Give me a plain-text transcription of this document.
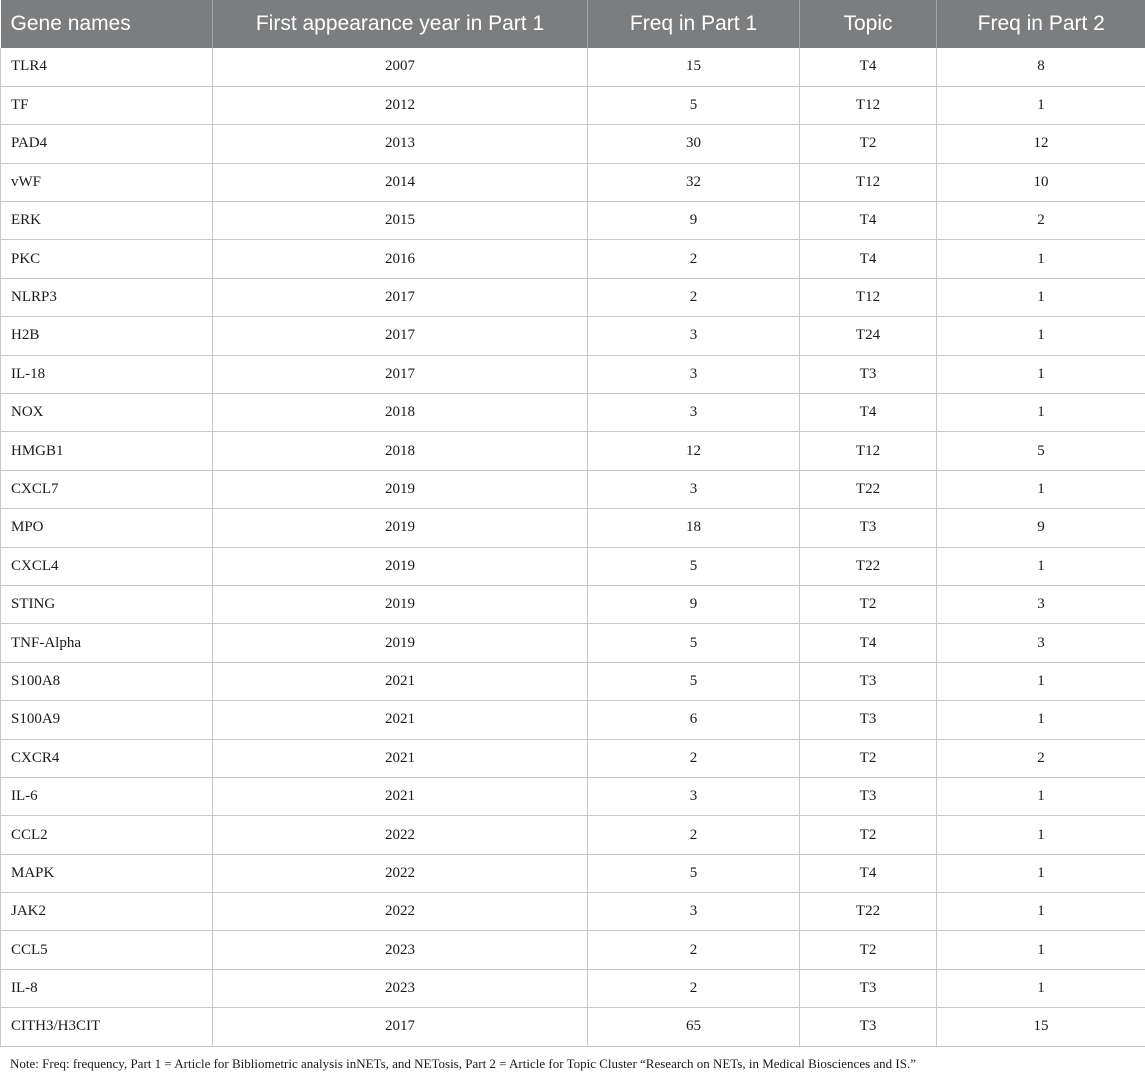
Gene names	First appearance year in Part 1	Freq in Part 1	Topic	Freq in Part 2
TLR4	2007	15	T4	8
TF	2012	5	T12	1
PAD4	2013	30	T2	12
vWF	2014	32	T12	10
ERK	2015	9	T4	2
PKC	2016	2	T4	1
NLRP3	2017	2	T12	1
H2B	2017	3	T24	1
IL-18	2017	3	T3	1
NOX	2018	3	T4	1
HMGB1	2018	12	T12	5
CXCL7	2019	3	T22	1
MPO	2019	18	T3	9
CXCL4	2019	5	T22	1
STING	2019	9	T2	3
TNF-Alpha	2019	5	T4	3
S100A8	2021	5	T3	1
S100A9	2021	6	T3	1
CXCR4	2021	2	T2	2
IL-6	2021	3	T3	1
CCL2	2022	2	T2	1
MAPK	2022	5	T4	1
JAK2	2022	3	T22	1
CCL5	2023	2	T2	1
IL-8	2023	2	T3	1
CITH3/H3CIT	2017	65	T3	15
Note: Freq: frequency, Part 1 = Article for Bibliometric analysis inNETs, and NETosis, Part 2 = Article for Topic Cluster “Research on NETs, in Medical Biosciences and IS.”
